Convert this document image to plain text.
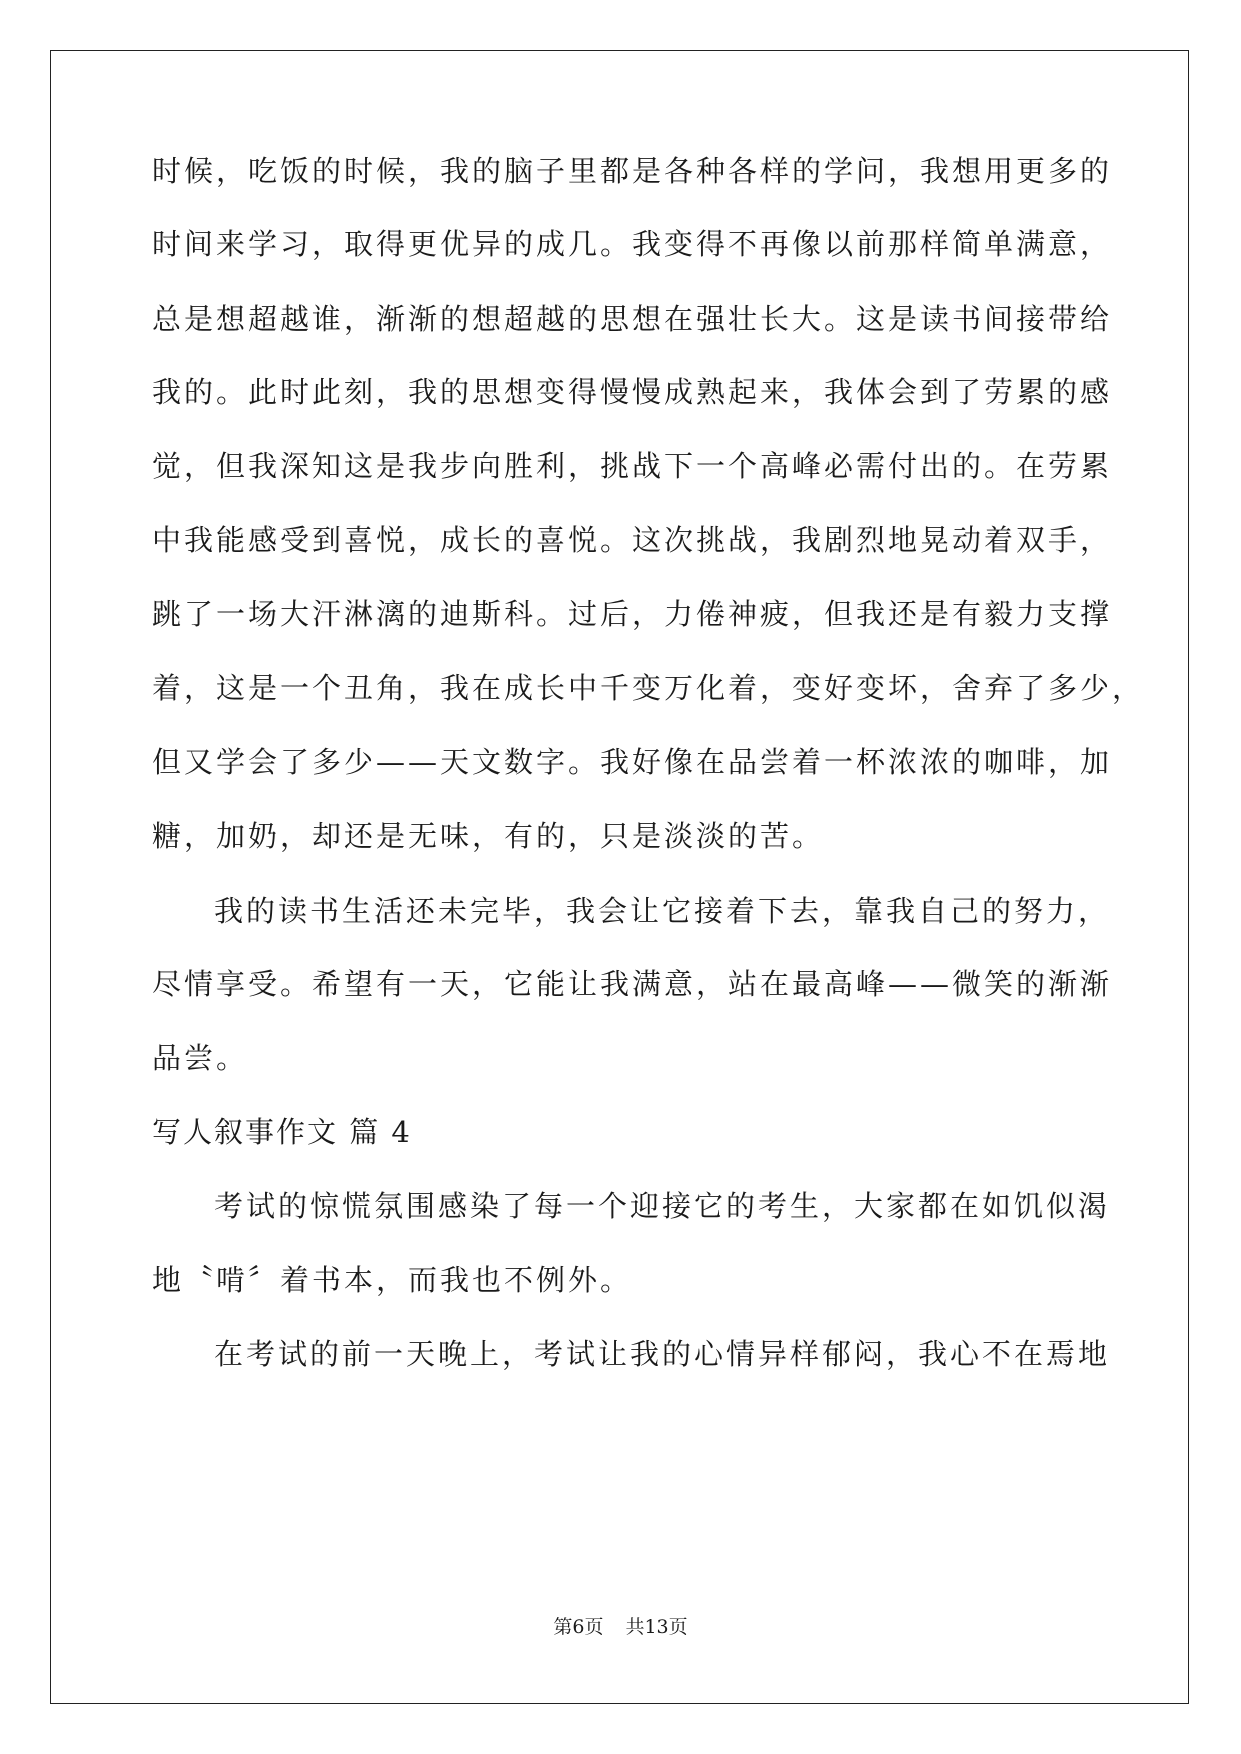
时候，吃饭的时候，我的脑子里都是各种各样的学问，我想用更多的
时间来学习，取得更优异的成几。我变得不再像以前那样简单满意，
总是想超越谁，渐渐的想超越的思想在强壮长大。这是读书间接带给
我的。此时此刻，我的思想变得慢慢成熟起来，我体会到了劳累的感
觉，但我深知这是我步向胜利，挑战下一个高峰必需付出的。在劳累
中我能感受到喜悦，成长的喜悦。这次挑战，我剧烈地晃动着双手，
跳了一场大汗淋漓的迪斯科。过后，力倦神疲，但我还是有毅力支撑
着，这是一个丑角，我在成长中千变万化着，变好变坏，舍弃了多少，
但又学会了多少——天文数字。我好像在品尝着一杯浓浓的咖啡，加
糖，加奶，却还是无味，有的，只是淡淡的苦。
我的读书生活还未完毕，我会让它接着下去，靠我自己的努力，
尽情享受。希望有一天，它能让我满意，站在最高峰——微笑的渐渐
品尝。
写人叙事作文 篇 4
考试的惊慌氛围感染了每一个迎接它的考生，大家都在如饥似渴
地〝啃〞着书本，而我也不例外。
在考试的前一天晚上，考试让我的心情异样郁闷，我心不在焉地
第6页 共13页
